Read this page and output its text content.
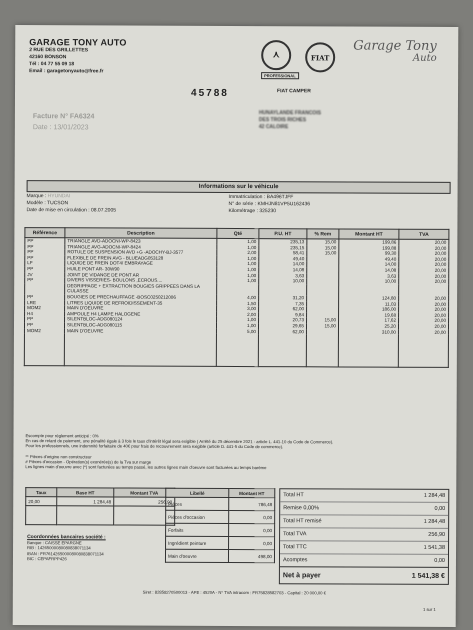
GARAGE TONY AUTO
2 RUE DES GRILLETTES
42160 BONSON
Tél : 04 77 55 09 18
Email : garagetonyauto@free.fr
⋏
PROFESSIONAL
FIAT
Garage Tony
Auto
45788	FIAT CAMPER
HUNAYLANDE FRANCOIS
DES TROIS RICHES
42 CALOIRE
Facture N° FA6324
Date : 13/01/2023
Informations sur le véhicule
Marque : HYUNDAI
Modèle : TUCSON
Date de mise en circulation : 08.07.2005
Immatriculation : BA496TJFF
N° de série : KMHJN81VP5U162436
Kilométrage : 325230
Référence	Description	Qté	P.U. HT	% Rem	Montant HT	TVA
PP	TRIANGLE AVD-ADOCNI-WP-8423	1,00	235,13	15,00	199,86	20,00
PP	TRIANGLE AVG-ADOCNI-WP-8424	1,00	235,15	15,00	199,88	20,00
PP	ROTULE DE SUSPENSION AVD +G -ADOCHY-BJ-3577	2,00	58,41	15,00	99,30	20,00
PP	FLEXIBLE DE FREIN AVG - BLUEADG053128	1,00	49,40		49,40	20,00
LF	LIQUIDE DE FREIN DOT4/ EMBRAYAGE	1,00	14,00		14,00	20,00
PP	HUILE PONT AR- 30W90	1,00	14,08		14,08	20,00
JV	JOINT DE VIDANGE DE PONT AR	1,00	3,63		3,63	20,00
PP	DIVERS VISSERIES- BOULONS ,ECROUS....	1,00	10,00		10,00	20,00
	DEGRIPPAGE + EXTRACTION BOUGIES GRIPPEES DANS LA CULASSE					
PP	BOUGIES DE PRECHAUFFAGE -BOSC0250212006	4,00	31,20		124,80	20,00
LRE	LITRES LIQUIDE DE REFROIDISSEMENT-35	1,50	7,35		11,03	20,00
MOM2	MAIN D'OEUVRE	3,00	62,00		186,00	20,00
H4	AMPOULE H4 LAMPE HALOGENE	2,00	9,84		19,68	20,00
PP	SILENTBLOC-ADG080124	1,00	20,73	15,00	17,62	20,00
PP	SILENTBLOC-ADG080115	1,00	29,65	15,00	25,20	20,00
MOM2	MAIN D'OEUVRE	5,00	62,00		310,00	20,00

Escompte pour règlement anticipé : 0%
En cas de retard de paiement, une pénalité égale à 3 fois le taux d'intérêt légal sera exigible ( Arrêté du 25 décembre 2021 - article L. 441-10 du Code de Commerce).
Pour les professionnels, une indemnité forfaitaire de 40€ pour frais de recouvrement sera exigible (article D. 441-5 du Code de commerce).
** Pièces d'origine non constructeur
# Pièces d'occasion - Opération(s) exonérée(s) de la Tva sur marge
Les lignes main d'oeuvre avec (*) sont facturées au temps passé, les autres lignes main d'oeuvre sont facturées au temps barème
Taux	Base HT	Montant TVA
20,00	1 284,48	256,90

Coordonnées bancaires société :
Banque : CAISSE EPARGNE
RIB : 14265000080080838071134
IBAN : FR7614265000080080838071134
BIC : CEPAFRPP426
Libellé	Montant HT
Pièces	786,48
Pièces d'occasion	0,00
Forfaits	0,00
Ingrédient peinture	0,00
Main d'oeuvre	498,00
Total HT	1 284,48
Remise 0,00%	0,00
Total HT remisé	1 284,48
Total TVA	256,90
Total TTC	1 541,38
Acomptes	0,00
Net à payer	1 541,38 €
Siret : 82858270500013 - APE : 4520A - N° TVA intracom : FR75828582703 - Capital : 20 000,00 €
1 sur 1
